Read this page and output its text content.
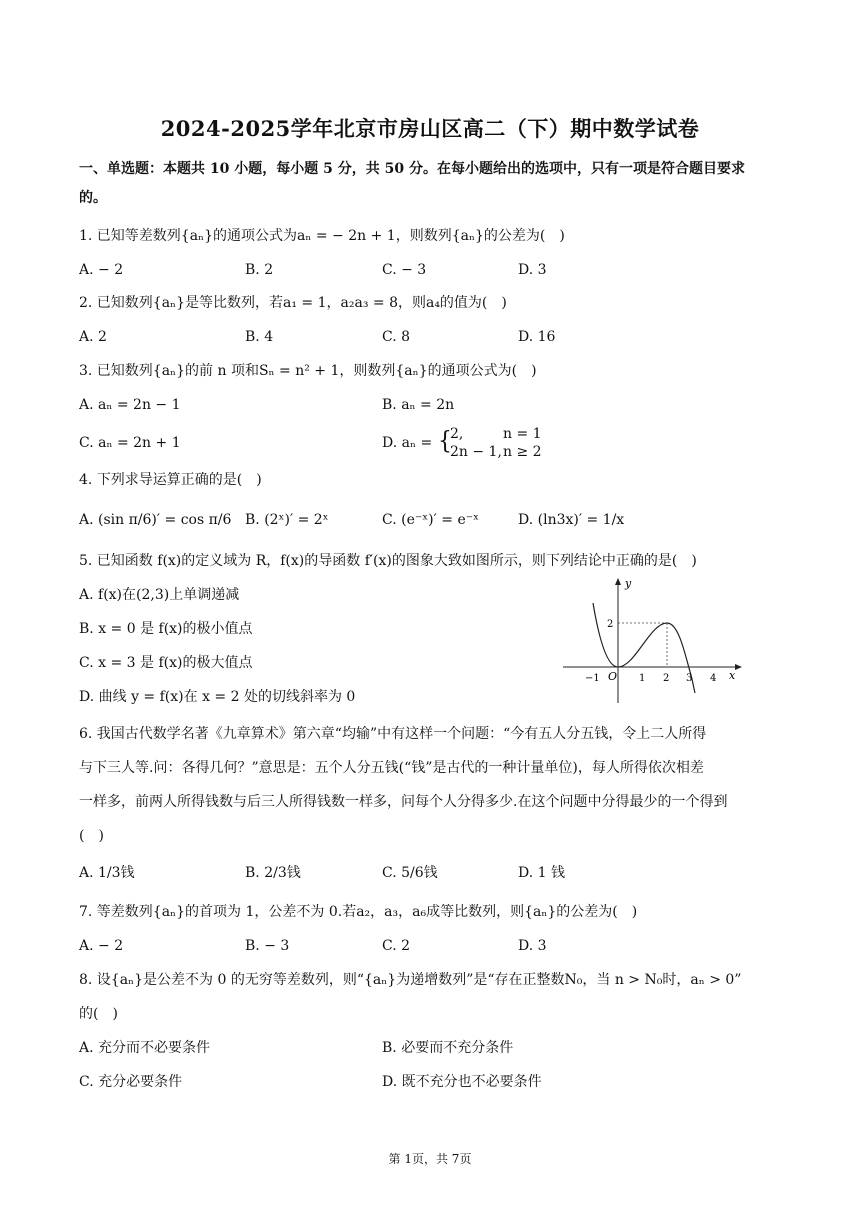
2024-2025学年北京市房山区高二（下）期中数学试卷
一、单选题：本题共 10 小题，每小题 5 分，共 50 分。在每小题给出的选项中，只有一项是符合题目要求
的。
1. 已知等差数列{aₙ}的通项公式为aₙ = − 2n + 1，则数列{aₙ}的公差为(　)
A. − 2	B. 2	C. − 3	D. 3
2. 已知数列{aₙ}是等比数列，若a₁ = 1，a₂a₃ = 8，则a₄的值为(　)
A. 2	B. 4	C. 8	D. 16
3. 已知数列{aₙ}的前 n 项和Sₙ = n² + 1，则数列{aₙ}的通项公式为(　)
A. aₙ = 2n − 1	B. aₙ = 2n
C. aₙ = 2n + 1	D. aₙ = {
2,	n = 1
2n − 1, n ≥ 2
4. 下列求导运算正确的是(　)
A. (sin π/6)′ = cos π/6 B. (2ˣ)′ = 2ˣ	C. (e⁻ˣ)′ = e⁻ˣ	D. (ln3x)′ = 1/x
5. 已知函数 f(x)的定义域为 R，f(x)的导函数 f′(x)的图象大致如图所示，则下列结论中正确的是(　)
A. f(x)在(2,3)上单调递减
B. x = 0 是 f(x)的极小值点
C. x = 3 是 f(x)的极大值点
D. 曲线 y = f(x)在 x = 2 处的切线斜率为 0
y
x
O
−1	1 2 3 4
2
6. 我国古代数学名著《九章算术》第六章“均输”中有这样一个问题：“今有五人分五钱，令上二人所得
与下三人等.问：各得几何？”意思是：五个人分五钱(“钱”是古代的一种计量单位)，每人所得依次相差
一样多，前两人所得钱数与后三人所得钱数一样多，问每个人分得多少.在这个问题中分得最少的一个得到
(　)
A. 1/3钱	B. 2/3钱	C. 5/6钱	D. 1 钱
7. 等差数列{aₙ}的首项为 1，公差不为 0.若a₂，a₃，a₆成等比数列，则{aₙ}的公差为(　)
A. − 2	B. − 3	C. 2	D. 3
8. 设{aₙ}是公差不为 0 的无穷等差数列，则“{aₙ}为递增数列”是“存在正整数N₀，当 n > N₀时，aₙ > 0”
的(　)
A. 充分而不必要条件	B. 必要而不充分条件
C. 充分必要条件	D. 既不充分也不必要条件
第 1页，共 7页
